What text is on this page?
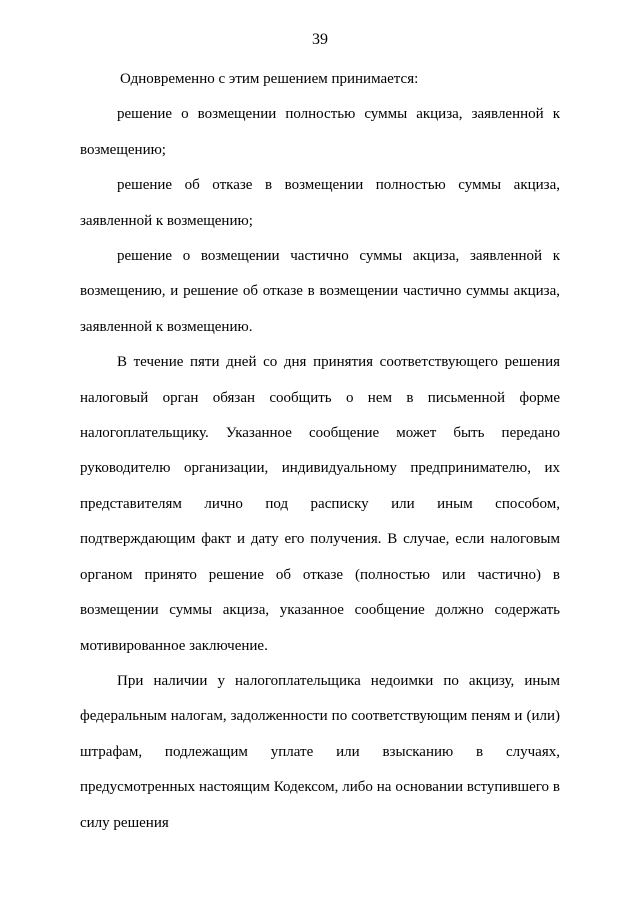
39

Одновременно с этим решением принимается:

решение о возмещении полностью суммы акциза, заявленной к возмещению;

решение об отказе в возмещении полностью суммы акциза, заявленной к возмещению;

решение о возмещении частично суммы акциза, заявленной к возмещению, и решение об отказе в возмещении частично суммы акциза, заявленной к возмещению.

В течение пяти дней со дня принятия соответствующего решения налоговый орган обязан сообщить о нем в письменной форме налогоплательщику. Указанное сообщение может быть передано руководителю организации, индивидуальному предпринимателю, их представителям лично под расписку или иным способом, подтверждающим факт и дату его получения. В случае, если налоговым органом принято решение об отказе (полностью или частично) в возмещении суммы акциза, указанное сообщение должно содержать мотивированное заключение.

При наличии у налогоплательщика недоимки по акцизу, иным федеральным налогам, задолженности по соответствующим пеням и (или) штрафам, подлежащим уплате или взысканию в случаях, предусмотренных настоящим Кодексом, либо на основании вступившего в силу решения
